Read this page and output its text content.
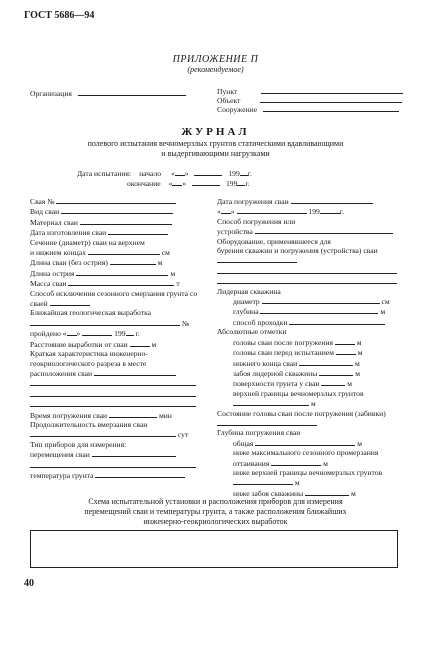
ГОСТ 5686—94
ПРИЛОЖЕНИЕ П
(рекомендуемое)
Организация	Пункт
Объект
Сооружение
ЖУРНАЛ
полевого испытания вечномерзлых грунтов статическими вдавливающими
и выдергивающими нагрузками
Дата испытания: начало « »	199 г.
окончание « »	199 г.
Свая №
Вид сваи
Материал сваи
Дата изготовления сваи
Сечение (диаметр) сваи на верхнем
и нижнем концах	см
Длина сваи (без острия)	м
Длина острия	м
Масса сваи	т
Способ исключения сезонного смерзания грунта со сваей
Ближайшая геологическая выработка
№
пройдено « »	199 г.
Расстояние выработки от сваи	м
Краткая характеристика инженерно-геокриологического разреза в месте
расположения сваи
Время погружения сваи	мин
Продолжительность вмерзания сваи
сут
Тип приборов для измерения:
перемещения сваи
температура грунта
Дата погружения сваи
« »	199	г.
Способ погружения или
устройства
Оборудование, применявшееся для
бурения скважин и погружения (устройства) сваи
Лидерная скважина
диаметр	см
глубина	м
способ проходки
Абсолютные отметки
головы сваи после погружения	м
головы сваи перед испытанием	м
нижнего конца сваи	м
забоя лидерной скважины	м
поверхности грунта у сваи	м
верхней границы вечномерзлых грунтов  м
Состояние головы сваи после погружения (забивки)
Глубина погружения сваи
общая	м
ниже максимального сезонного промерзания оттаивания	м
ниже верхней границы вечномерзлых грунтов  м
ниже забоя скважины	м
Схема испытательной установки и расположения приборов для измерения
перемещений сваи и температуры грунта, а также расположения ближайших
инженерно-геокриологических выработок
40
